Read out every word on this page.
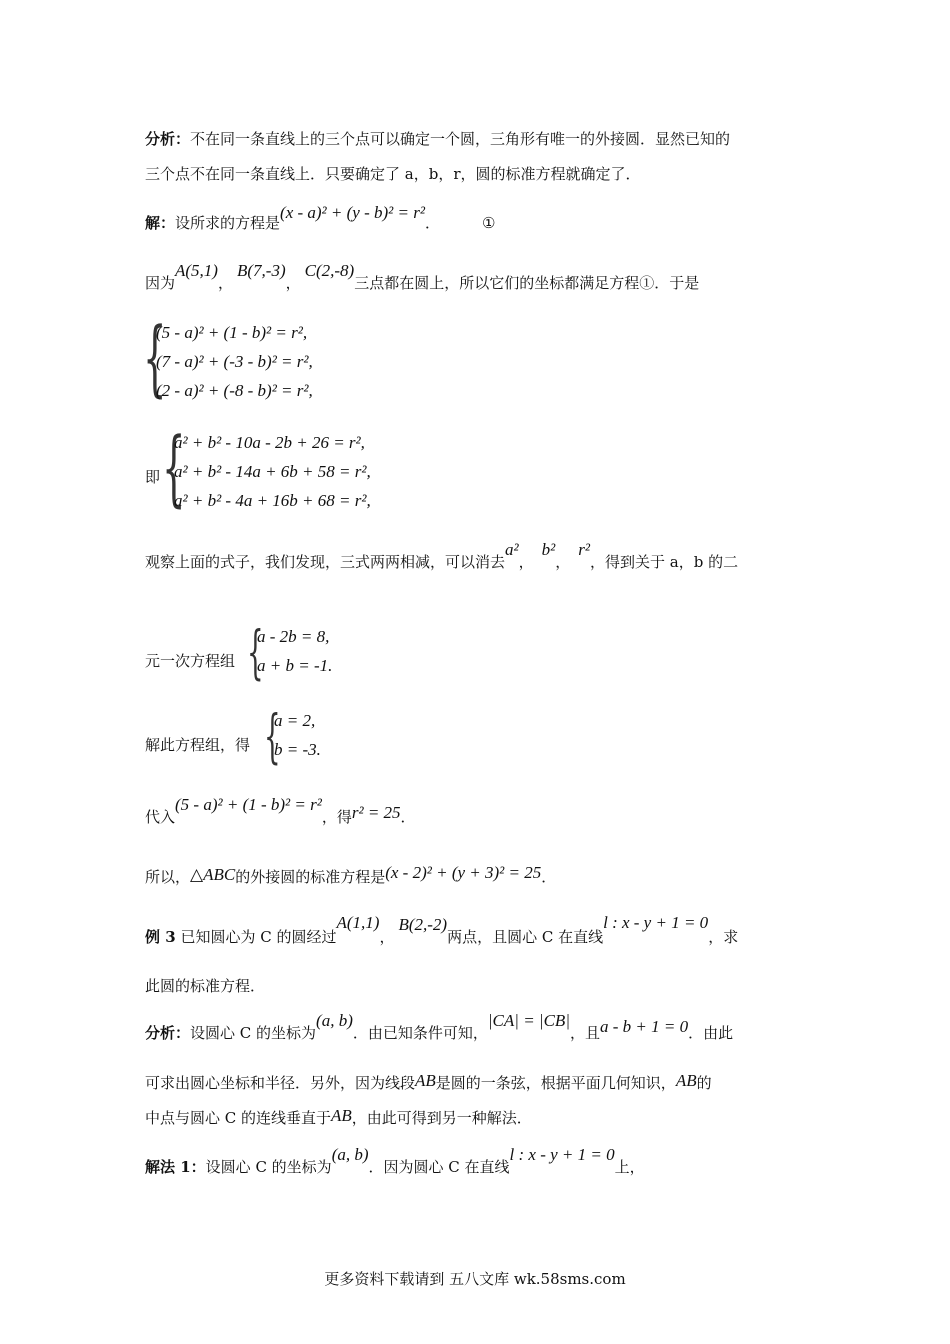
分析：不在同一条直线上的三个点可以确定一个圆，三角形有唯一的外接圆．显然已知的
三个点不在同一条直线上．只要确定了 a，b，r，圆的标准方程就确定了．
解：设所求的方程是(x - a)² + (y - b)² = r²．	①
因为A(5,1)，B(7,-3)，C(2,-8)三点都在圆上，所以它们的坐标都满足方程①．于是
{
(5 - a)² + (1 - b)² = r²,
(7 - a)² + (-3 - b)² = r²,
(2 - a)² + (-8 - b)² = r²,
即 {
a² + b² - 10a - 2b + 26 = r²,
a² + b² - 14a + 6b + 58 = r²,
a² + b² - 4a + 16b + 68 = r²,
观察上面的式子，我们发现，三式两两相减，可以消去a²，b²，r²，得到关于 a，b 的二
元一次方程组 {
a - 2b = 8,
a + b = -1.
解此方程组，得 {
a = 2,
b = -3.
代入(5 - a)² + (1 - b)² = r²，得r² = 25．
所以，△ABC的外接圆的标准方程是(x - 2)² + (y + 3)² = 25．
例 3 已知圆心为 C 的圆经过A(1,1)，B(2,-2)两点，且圆心 C 在直线l : x - y + 1 = 0，求
此圆的标准方程．
分析：设圆心 C 的坐标为(a, b)．由已知条件可知，|CA| = |CB|，且a - b + 1 = 0．由此
可求出圆心坐标和半径．另外，因为线段AB是圆的一条弦，根据平面几何知识，AB的
中点与圆心 C 的连线垂直于AB，由此可得到另一种解法．
解法 1：设圆心 C 的坐标为(a, b)．因为圆心 C 在直线l : x - y + 1 = 0上，
更多资料下载请到 五八文库 wk.58sms.com
